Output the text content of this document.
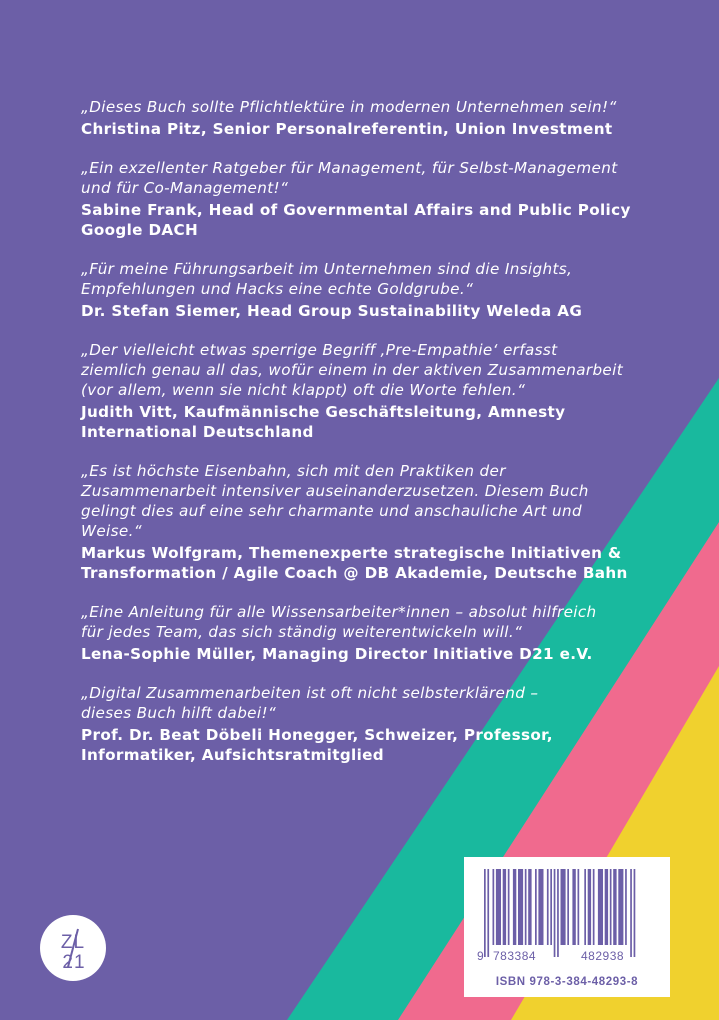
„Dieses Buch sollte Pflichtlektüre in modernen Unternehmen sein!“

Christina Pitz, Senior Personalreferentin, Union Investment

„Ein exzellenter Ratgeber für Management, für Selbst-Management
und für Co-Management!“

Sabine Frank, Head of Governmental Affairs and Public Policy
Google DACH

„Für meine Führungsarbeit im Unternehmen sind die Insights,
Empfehlungen und Hacks eine echte Goldgrube.“

Dr. Stefan Siemer, Head Group Sustainability Weleda AG

„Der vielleicht etwas sperrige Begriff ‚Pre-Empathie‘ erfasst
ziemlich genau all das, wofür einem in der aktiven Zusammenarbeit
(vor allem, wenn sie nicht klappt) oft die Worte fehlen.“

Judith Vitt, Kaufmännische Geschäftsleitung, Amnesty
International Deutschland

„Es ist höchste Eisenbahn, sich mit den Praktiken der
Zusammenarbeit intensiver auseinanderzusetzen. Diesem Buch
gelingt dies auf eine sehr charmante und anschauliche Art und
Weise.“

Markus Wolfgram, Themenexperte strategische Initiativen &
Transformation / Agile Coach @ DB Akademie, Deutsche Bahn

„Eine Anleitung für alle Wissensarbeiter*innen – absolut hilfreich
für jedes Team, das sich ständig weiterentwickeln will.“

Lena-Sophie Müller, Managing Director Initiative D21 e.V.

„Digital Zusammenarbeiten ist oft nicht selbsterklärend –
dieses Buch hilft dabei!“

Prof. Dr. Beat Döbeli Honegger, Schweizer, Professor,
Informatiker, Aufsichtsratmitglied

ZL
21	9 783384	482938
ISBN 978-3-384-48293-8
